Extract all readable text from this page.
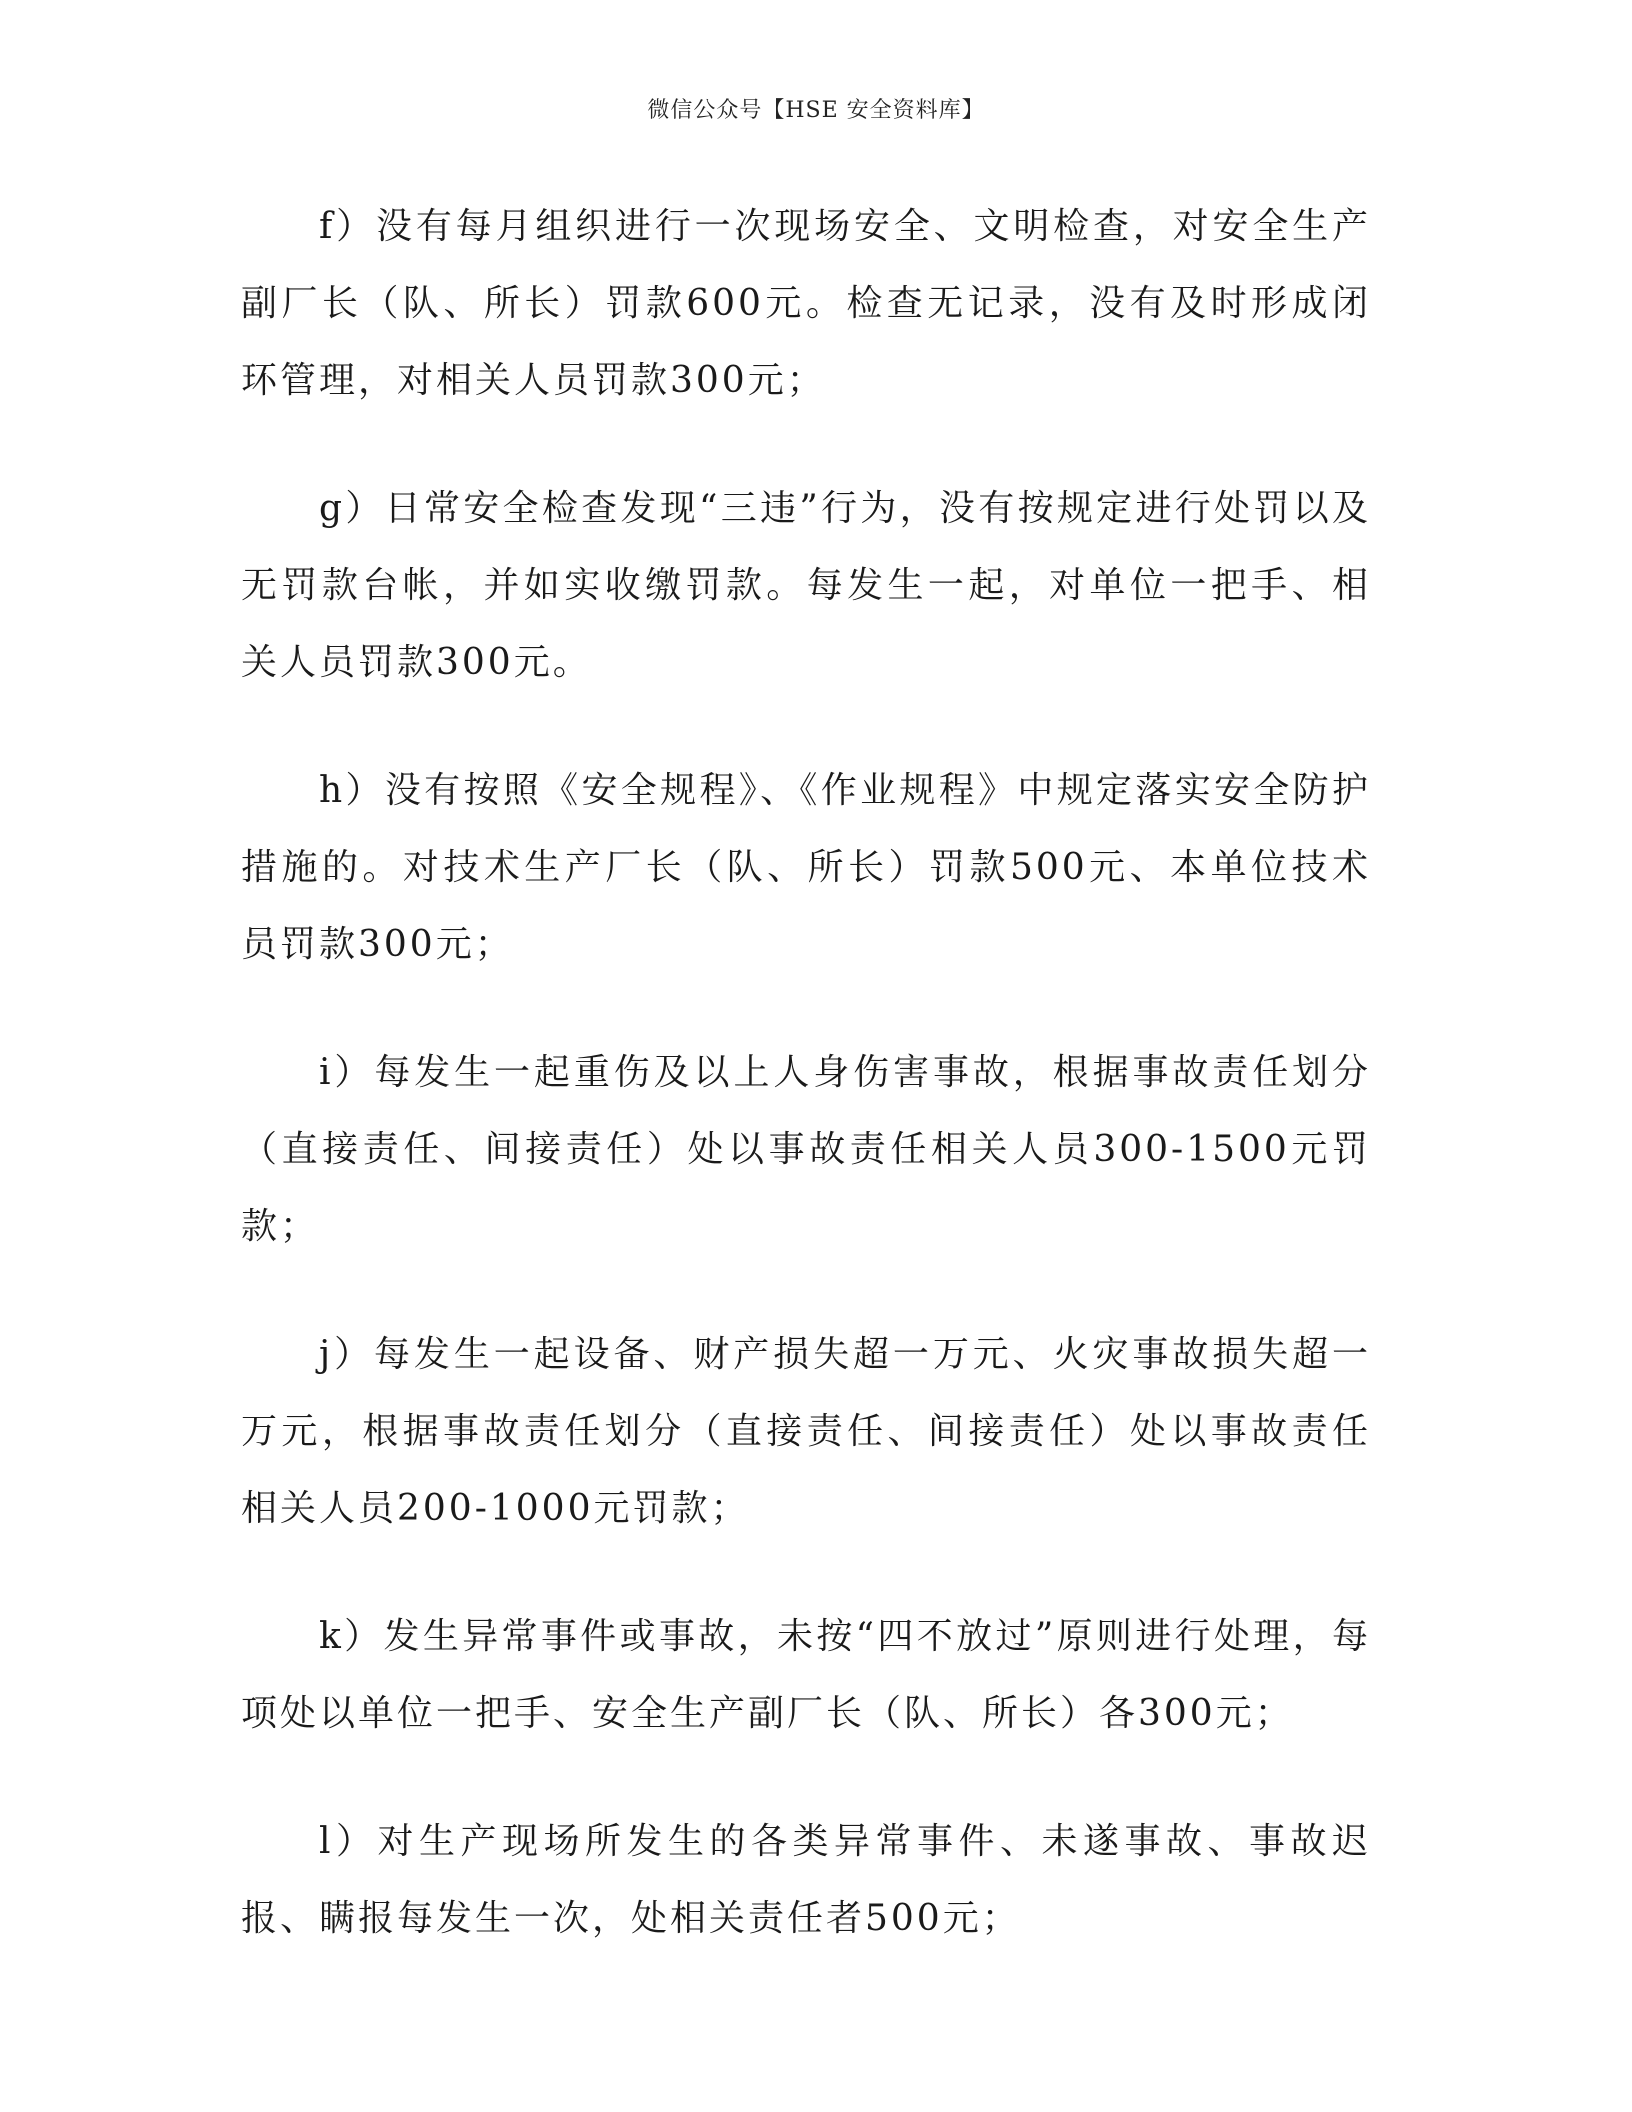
微信公众号【HSE 安全资料库】

f）没有每月组织进行一次现场安全、文明检查，对安全生产副厂长（队、所长）罚款600元。检查无记录，没有及时形成闭环管理，对相关人员罚款300元；

g）日常安全检查发现“三违”行为，没有按规定进行处罚以及无罚款台帐，并如实收缴罚款。每发生一起，对单位一把手、相关人员罚款300元。

h）没有按照《安全规程》、《作业规程》中规定落实安全防护措施的。对技术生产厂长（队、所长）罚款500元、本单位技术员罚款300元；

i）每发生一起重伤及以上人身伤害事故，根据事故责任划分（直接责任、间接责任）处以事故责任相关人员300-1500元罚款；

j）每发生一起设备、财产损失超一万元、火灾事故损失超一万元，根据事故责任划分（直接责任、间接责任）处以事故责任相关人员200-1000元罚款；

k）发生异常事件或事故，未按“四不放过”原则进行处理，每项处以单位一把手、安全生产副厂长（队、所长）各300元；

l）对生产现场所发生的各类异常事件、未遂事故、事故迟报、瞒报每发生一次，处相关责任者500元；
